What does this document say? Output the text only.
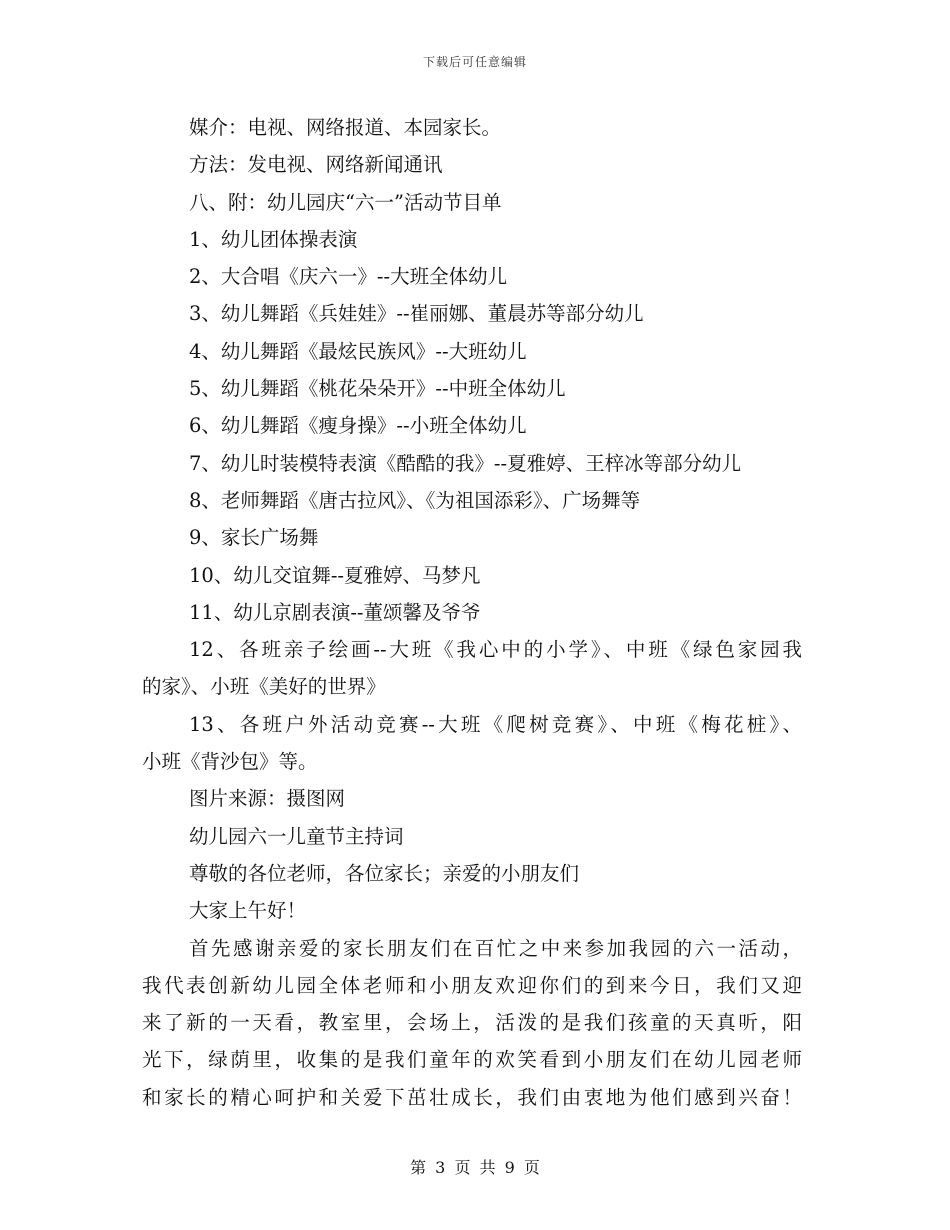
下载后可任意编辑
媒介：电视、网络报道、本园家长。
方法：发电视、网络新闻通讯
八、附：幼儿园庆“六一”活动节目单
1、幼儿团体操表演
2、大合唱《庆六一》--大班全体幼儿
3、幼儿舞蹈《兵娃娃》--崔丽娜、董晨苏等部分幼儿
4、幼儿舞蹈《最炫民族风》--大班幼儿
5、幼儿舞蹈《桃花朵朵开》--中班全体幼儿
6、幼儿舞蹈《瘦身操》--小班全体幼儿
7、幼儿时装模特表演《酷酷的我》--夏雅婷、王梓冰等部分幼儿
8、老师舞蹈《唐古拉风》、《为祖国添彩》、广场舞等
9、家长广场舞
10、幼儿交谊舞--夏雅婷、马梦凡
11、幼儿京剧表演--董颂馨及爷爷
12、各班亲子绘画--大班《我心中的小学》、中班《绿色家园我
的家》、小班《美好的世界》
13、各班户外活动竞赛--大班《爬树竞赛》、中班《梅花桩》、
小班《背沙包》等。
图片来源：摄图网
幼儿园六一儿童节主持词
尊敬的各位老师，各位家长；亲爱的小朋友们
大家上午好！
首先感谢亲爱的家长朋友们在百忙之中来参加我园的六一活动，
我代表创新幼儿园全体老师和小朋友欢迎你们的到来今日，我们又迎
来了新的一天看，教室里，会场上，活泼的是我们孩童的天真听，阳
光下，绿荫里，收集的是我们童年的欢笑看到小朋友们在幼儿园老师
和家长的精心呵护和关爱下茁壮成长，我们由衷地为他们感到兴奋！
第 3 页 共 9 页
